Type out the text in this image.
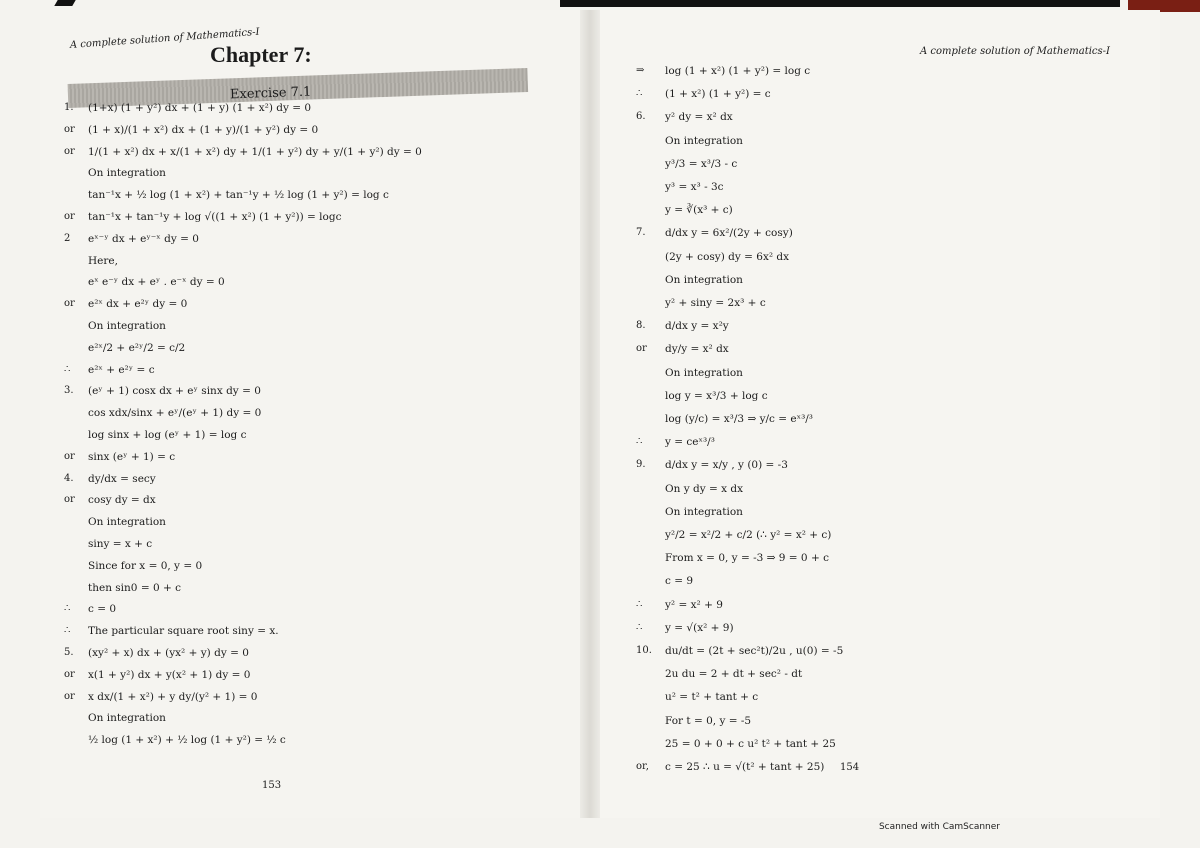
A complete solution of Mathematics-I
Chapter 7:
Exercise 7.1
1. (1+x) (1 + y²) dx + (1 + y) (1 + x²) dy = 0
or (1 + x)/(1 + x²) dx + (1 + y)/(1 + y²) dy = 0
or 1/(1 + x²) dx + x/(1 + x²) dy + 1/(1 + y²) dy + y/(1 + y²) dy = 0
On integration
tan⁻¹x + ½ log (1 + x²) + tan⁻¹y + ½ log (1 + y²) = log c
or tan⁻¹x + tan⁻¹y + log √((1 + x²) (1 + y²)) = logc
2 eˣ⁻ʸ dx + eʸ⁻ˣ dy = 0
Here,
eˣ e⁻ʸ dx + eʸ . e⁻ˣ dy = 0
or e²ˣ dx + e²ʸ dy = 0
On integration
e²ˣ/2 + e²ʸ/2 = c/2
∴ e²ˣ + e²ʸ = c
3. (eʸ + 1) cosx dx + eʸ sinx dy = 0
cos xdx/sinx + eʸ/(eʸ + 1) dy = 0
log sinx + log (eʸ + 1) = log c
or sinx (eʸ + 1) = c
4. dy/dx = secy
or cosy dy = dx
On integration
siny = x + c
Since for x = 0, y = 0
then sin0 = 0 + c
∴ c = 0
∴ The particular square root siny = x.
5. (xy² + x) dx + (yx² + y) dy = 0
or x(1 + y²) dx + y(x² + 1) dy = 0
or x dx/(1 + x²) + y dy/(y² + 1) = 0
On integration
½ log (1 + x²) + ½ log (1 + y²) = ½ c
153
A complete solution of Mathematics-I
⇒ log (1 + x²) (1 + y²) = log c
∴ (1 + x²) (1 + y²) = c
6. y² dy = x² dx
On integration
y³/3 = x³/3 - c
y³ = x³ - 3c
y = ∛(x³ + c)
7. d/dx y = 6x²/(2y + cosy)
(2y + cosy) dy = 6x² dx
On integration
y² + siny = 2x³ + c
8. d/dx y = x²y
or dy/y = x² dx
On integration
log y = x³/3 + log c
log (y/c) = x³/3 ⇒ y/c = eˣ³/³
∴ y = ceˣ³/³
9. d/dx y = x/y , y (0) = -3
On y dy = x dx
On integration
y²/2 = x²/2 + c/2 (∴ y² = x² + c)
From x = 0, y = -3 ⇒ 9 = 0 + c
c = 9
∴ y² = x² + 9
∴ y = √(x² + 9)
10. du/dt = (2t + sec²t)/2u , u(0) = -5
2u du = 2 + dt + sec² - dt
u² = t² + tant + c
For t = 0, y = -5
25 = 0 + 0 + c u² t² + tant + 25
or, c = 25 ∴ u = √(t² + tant + 25) 154
Scanned with CamScanner
